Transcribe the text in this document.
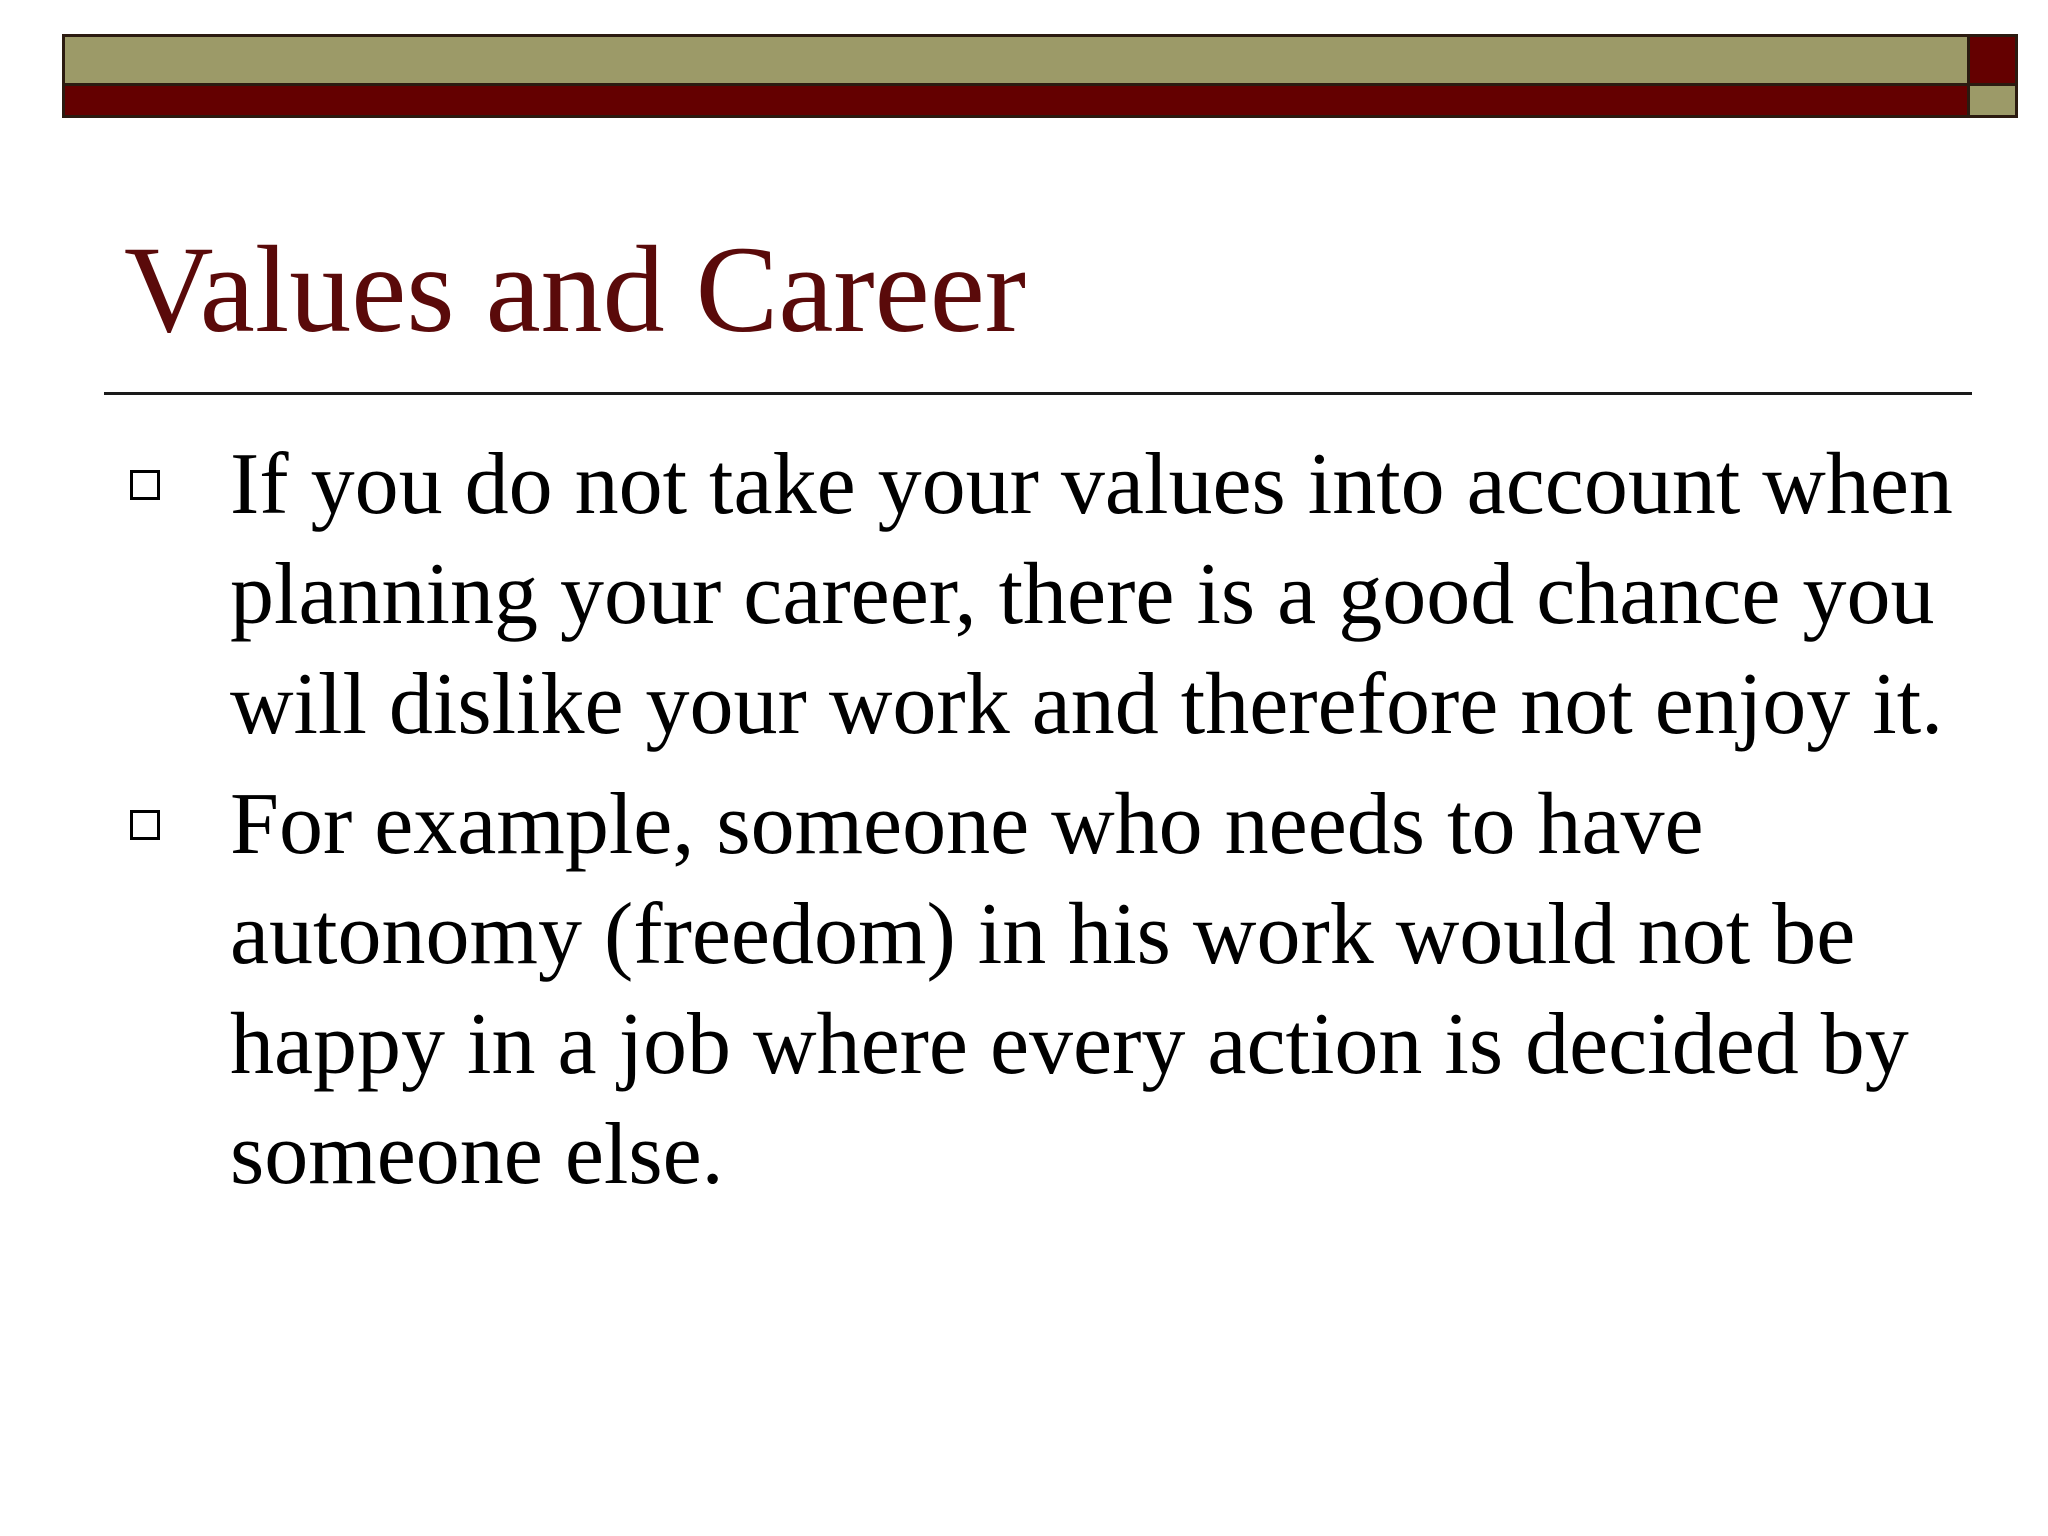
Values and Career
If you do not take your values into account when planning your career, there is a good chance you will dislike your work and therefore not enjoy it.
For example, someone who needs to have autonomy (freedom) in his work would not be happy in a job where every action is decided by someone else.
